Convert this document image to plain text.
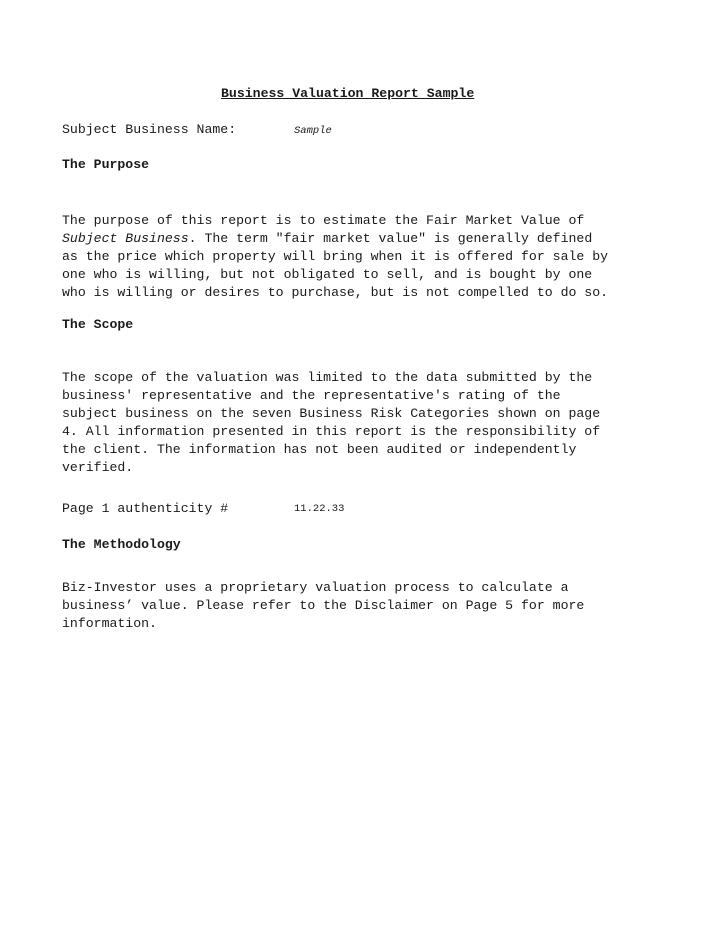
Business Valuation Report Sample
Subject Business Name:	Sample
The Purpose
The purpose of this report is to estimate the Fair Market Value of
Subject Business. The term "fair market value" is generally defined
as the price which property will bring when it is offered for sale by
one who is willing, but not obligated to sell, and is bought by one
who is willing or desires to purchase, but is not compelled to do so.
The Scope
The scope of the valuation was limited to the data submitted by the
business' representative and the representative's rating of the
subject business on the seven Business Risk Categories shown on page
4. All information presented in this report is the responsibility of
the client. The information has not been audited or independently
verified.
Page 1 authenticity #	11.22.33
The Methodology
Biz-Investor uses a proprietary valuation process to calculate a
business’ value. Please refer to the Disclaimer on Page 5 for more
information.
